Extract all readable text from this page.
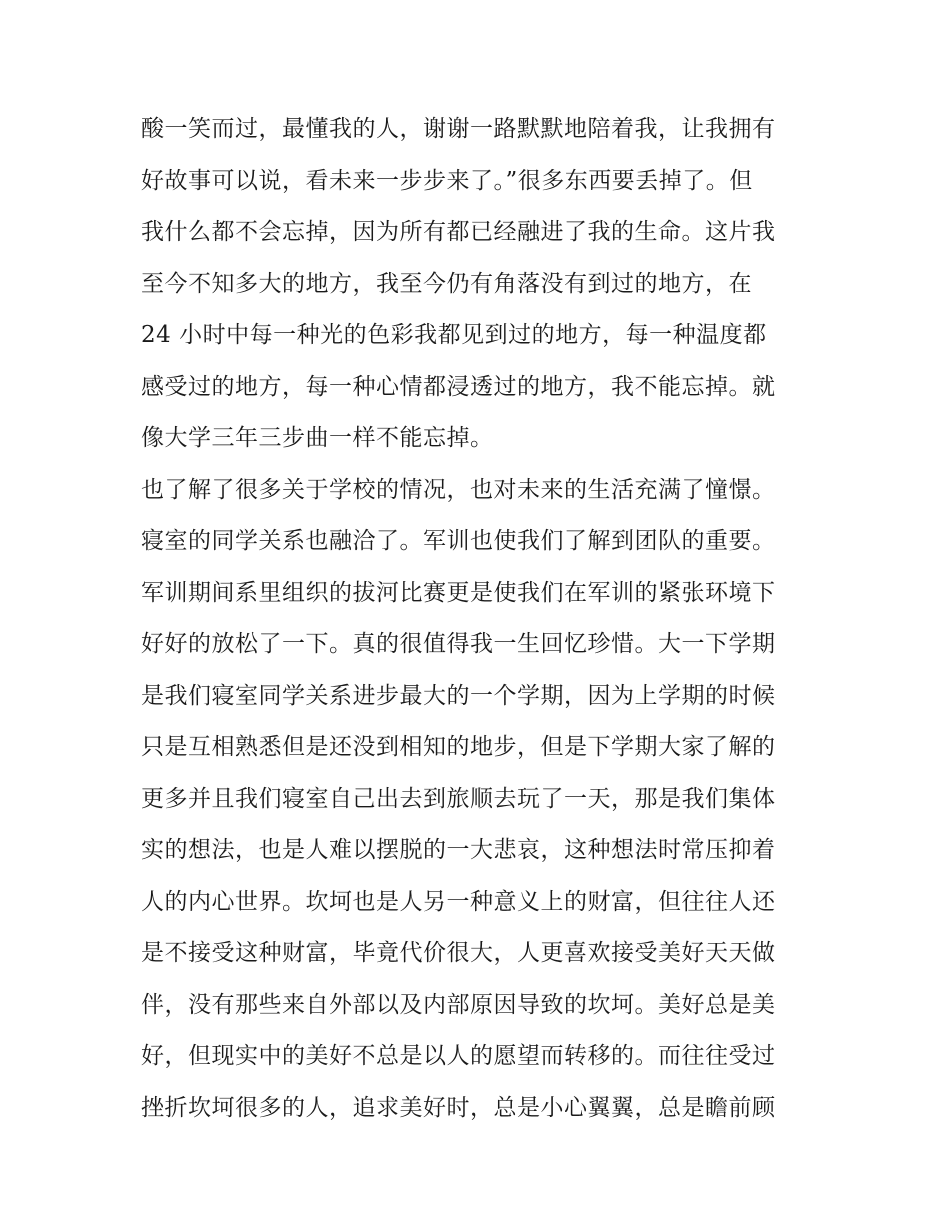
酸一笑而过，最懂我的人，谢谢一路默默地陪着我，让我拥有
好故事可以说，看未来一步步来了。”很多东西要丢掉了。但
我什么都不会忘掉，因为所有都已经融进了我的生命。这片我
至今不知多大的地方，我至今仍有角落没有到过的地方，在
24 小时中每一种光的色彩我都见到过的地方，每一种温度都
感受过的地方，每一种心情都浸透过的地方，我不能忘掉。就
像大学三年三步曲一样不能忘掉。
也了解了很多关于学校的情况，也对未来的生活充满了憧憬。
寝室的同学关系也融洽了。军训也使我们了解到团队的重要。
军训期间系里组织的拔河比赛更是使我们在军训的紧张环境下
好好的放松了一下。真的很值得我一生回忆珍惜。大一下学期
是我们寝室同学关系进步最大的一个学期，因为上学期的时候
只是互相熟悉但是还没到相知的地步，但是下学期大家了解的
更多并且我们寝室自己出去到旅顺去玩了一天，那是我们集体
实的想法，也是人难以摆脱的一大悲哀，这种想法时常压抑着
人的内心世界。坎坷也是人另一种意义上的财富，但往往人还
是不接受这种财富，毕竟代价很大，人更喜欢接受美好天天做
伴，没有那些来自外部以及内部原因导致的坎坷。美好总是美
好，但现实中的美好不总是以人的愿望而转移的。而往往受过
挫折坎坷很多的人，追求美好时，总是小心翼翼，总是瞻前顾
